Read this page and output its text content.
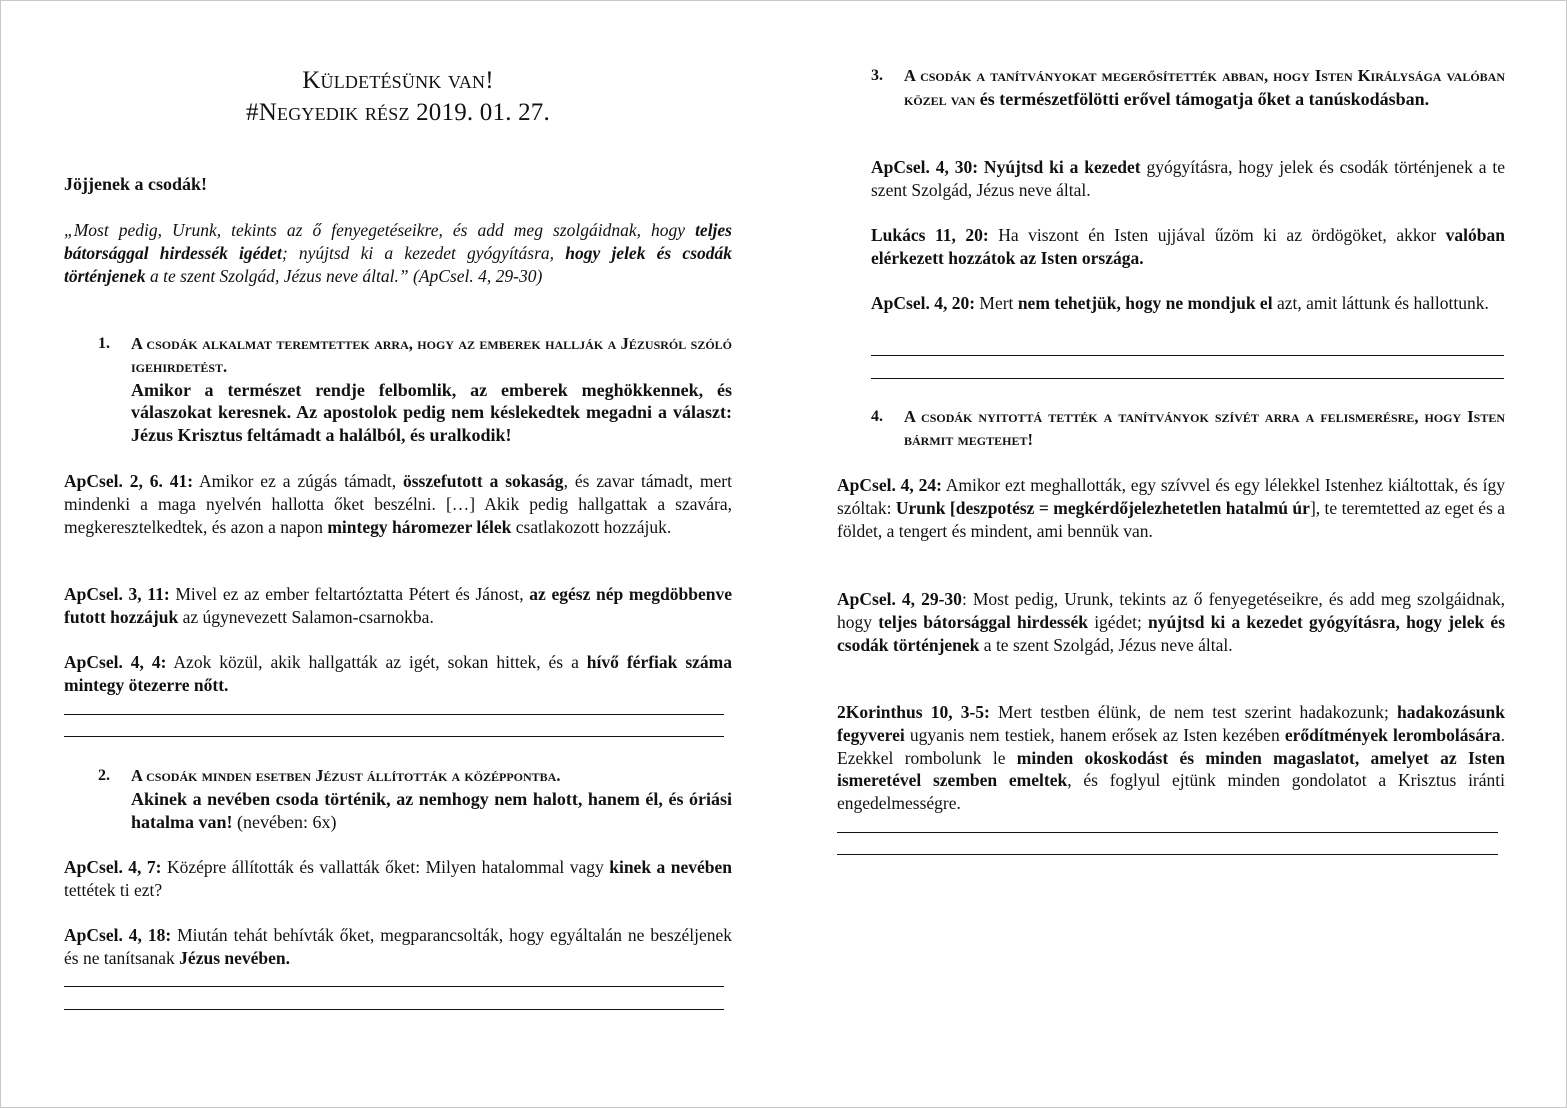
Küldetésünk van!
#Negyedik rész 2019. 01. 27.
Jöjjenek a csodák!
„Most pedig, Urunk, tekints az ő fenyegetéseikre, és add meg szolgáidnak, hogy teljes bátorsággal hirdessék igédet; nyújtsd ki a kezedet gyógyításra, hogy jelek és csodák történjenek a te szent Szolgád, Jézus neve által.” (ApCsel. 4, 29-30)
1. A csodák alkalmat teremtettek arra, hogy az emberek hallják a Jézusról szóló igehirdetést.
Amikor a természet rendje felbomlik, az emberek meghökkennek, és válaszokat keresnek. Az apostolok pedig nem késlekedtek megadni a választ: Jézus Krisztus feltámadt a halálból, és uralkodik!
ApCsel. 2, 6. 41: Amikor ez a zúgás támadt, összefutott a sokaság, és zavar támadt, mert mindenki a maga nyelvén hallotta őket beszélni. […] Akik pedig hallgattak a szavára, megkeresztelkedtek, és azon a napon mintegy háromezer lélek csatlakozott hozzájuk.
ApCsel. 3, 11: Mivel ez az ember feltartóztatta Pétert és Jánost, az egész nép megdöbbenve futott hozzájuk az úgynevezett Salamon-csarnokba.
ApCsel. 4, 4: Azok közül, akik hallgatták az igét, sokan hittek, és a hívő férfiak száma mintegy ötezerre nőtt.
2. A csodák minden esetben Jézust állították a középpontba.
Akinek a nevében csoda történik, az nemhogy nem halott, hanem él, és óriási hatalma van! (nevében: 6x)
ApCsel. 4, 7: Középre állították és vallatták őket: Milyen hatalommal vagy kinek a nevében tettétek ti ezt?
ApCsel. 4, 18: Miután tehát behívták őket, megparancsolták, hogy egyáltalán ne beszéljenek és ne tanítsanak Jézus nevében.
3. A csodák a tanítványokat megerősítették abban, hogy Isten Királysága valóban közel van és természetfölötti erővel támogatja őket a tanúskodásban.
ApCsel. 4, 30: Nyújtsd ki a kezedet gyógyításra, hogy jelek és csodák történjenek a te szent Szolgád, Jézus neve által.
Lukács 11, 20: Ha viszont én Isten ujjával űzöm ki az ördögöket, akkor valóban elérkezett hozzátok az Isten országa.
ApCsel. 4, 20: Mert nem tehetjük, hogy ne mondjuk el azt, amit láttunk és hallottunk.
4. A csodák nyitottá tették a tanítványok szívét arra a felismerésre, hogy Isten bármit megtehet!
ApCsel. 4, 24: Amikor ezt meghallották, egy szívvel és egy lélekkel Istenhez kiáltottak, és így szóltak: Urunk [deszpotész = megkérdőjelezhetetlen hatalmú úr], te teremtetted az eget és a földet, a tengert és mindent, ami bennük van.
ApCsel. 4, 29-30: Most pedig, Urunk, tekints az ő fenyegetéseikre, és add meg szolgáidnak, hogy teljes bátorsággal hirdessék igédet; nyújtsd ki a kezedet gyógyításra, hogy jelek és csodák történjenek a te szent Szolgád, Jézus neve által.
2Korinthus 10, 3-5: Mert testben élünk, de nem test szerint hadakozunk; hadakozásunk fegyverei ugyanis nem testiek, hanem erősek az Isten kezében erődítmények lerombolására. Ezekkel rombolunk le minden okoskodást és minden magaslatot, amelyet az Isten ismeretével szemben emeltek, és foglyul ejtünk minden gondolatot a Krisztus iránti engedelmességre.
